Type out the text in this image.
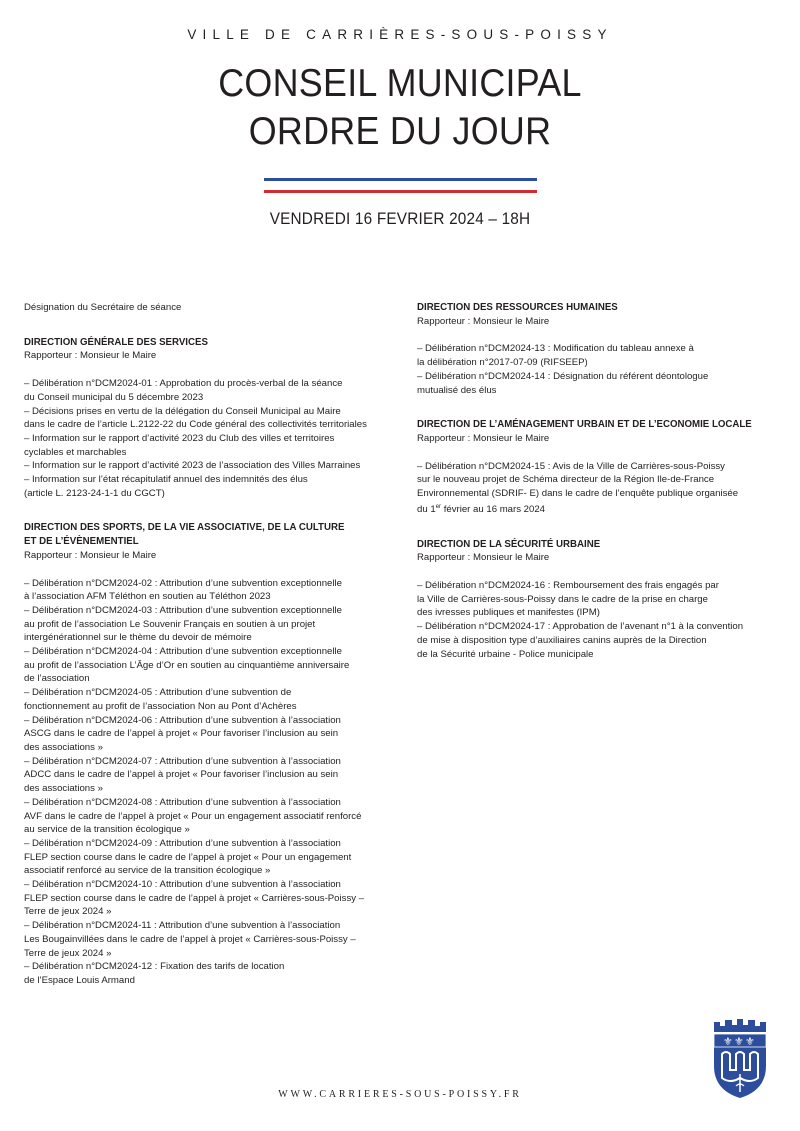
VILLE DE CARRIÈRES-SOUS-POISSY
CONSEIL MUNICIPAL
ORDRE DU JOUR
VENDREDI 16 FEVRIER 2024 – 18H
Désignation du Secrétaire de séance
DIRECTION GÉNÉRALE DES SERVICES
Rapporteur : Monsieur le Maire
– Délibération n°DCM2024-01 : Approbation du procès-verbal de la séance
du Conseil municipal du 5 décembre 2023
– Décisions prises en vertu de la délégation du Conseil Municipal au Maire
dans le cadre de l’article L.2122-22 du Code général des collectivités territoriales
– Information sur le rapport d’activité 2023 du Club des villes et territoires
cyclables et marchables
– Information sur le rapport d’activité 2023 de l’association des Villes Marraines
– Information sur l’état récapitulatif annuel des indemnités des élus
(article L. 2123-24-1-1 du CGCT)
DIRECTION DES SPORTS, DE LA VIE ASSOCIATIVE, DE LA CULTURE
ET DE L’ÉVÈNEMENTIEL
Rapporteur : Monsieur le Maire
– Délibération n°DCM2024-02 : Attribution d’une subvention exceptionnelle
à l’association AFM Téléthon en soutien au Téléthon 2023
– Délibération n°DCM2024-03 : Attribution d’une subvention exceptionnelle
au profit de l’association Le Souvenir Français en soutien à un projet
intergénérationnel sur le thème du devoir de mémoire
– Délibération n°DCM2024-04 : Attribution d’une subvention exceptionnelle
au profit de l’association L’Âge d’Or en soutien au cinquantième anniversaire
de l’association
– Délibération n°DCM2024-05 : Attribution d’une subvention de
fonctionnement au profit de l’association Non au Pont d’Achères
– Délibération n°DCM2024-06 : Attribution d’une subvention à l’association
ASCG dans le cadre de l’appel à projet « Pour favoriser l’inclusion au sein
des associations »
– Délibération n°DCM2024-07 : Attribution d’une subvention à l’association
ADCC dans le cadre de l’appel à projet « Pour favoriser l’inclusion au sein
des associations »
– Délibération n°DCM2024-08 : Attribution d’une subvention à l’association
AVF dans le cadre de l’appel à projet « Pour un engagement associatif renforcé
au service de la transition écologique »
– Délibération n°DCM2024-09 : Attribution d’une subvention à l’association
FLEP section course dans le cadre de l’appel à projet « Pour un engagement
associatif renforcé au service de la transition écologique »
– Délibération n°DCM2024-10 : Attribution d’une subvention à l’association
FLEP section course dans le cadre de l’appel à projet « Carrières-sous-Poissy –
Terre de jeux 2024 »
– Délibération n°DCM2024-11 : Attribution d’une subvention à l’association
Les Bougainvillées dans le cadre de l’appel à projet « Carrières-sous-Poissy –
Terre de jeux 2024 »
– Délibération n°DCM2024-12 : Fixation des tarifs de location
de l’Espace Louis Armand
DIRECTION DES RESSOURCES HUMAINES
Rapporteur : Monsieur le Maire
– Délibération n°DCM2024-13 : Modification du tableau annexe à
la délibération n°2017-07-09 (RIFSEEP)
– Délibération n°DCM2024-14 : Désignation du référent déontologue
mutualisé des élus
DIRECTION DE L’AMÉNAGEMENT URBAIN ET DE L’ECONOMIE LOCALE
Rapporteur : Monsieur le Maire
– Délibération n°DCM2024-15 : Avis de la Ville de Carrières-sous-Poissy
sur le nouveau projet de Schéma directeur de la Région Ile-de-France
Environnemental (SDRIF- E) dans le cadre de l’enquête publique organisée
du 1er février au 16 mars 2024
DIRECTION DE LA SÉCURITÉ URBAINE
Rapporteur : Monsieur le Maire
– Délibération n°DCM2024-16 : Remboursement des frais engagés par
la Ville de Carrières-sous-Poissy dans le cadre de la prise en charge
des ivresses publiques et manifestes (IPM)
– Délibération n°DCM2024-17 : Approbation de l’avenant n°1 à la convention
de mise à disposition type d’auxiliaires canins auprès de la Direction
de la Sécurité urbaine - Police municipale
⚜ ⚜ ⚜
WWW.CARRIERES-SOUS-POISSY.FR
